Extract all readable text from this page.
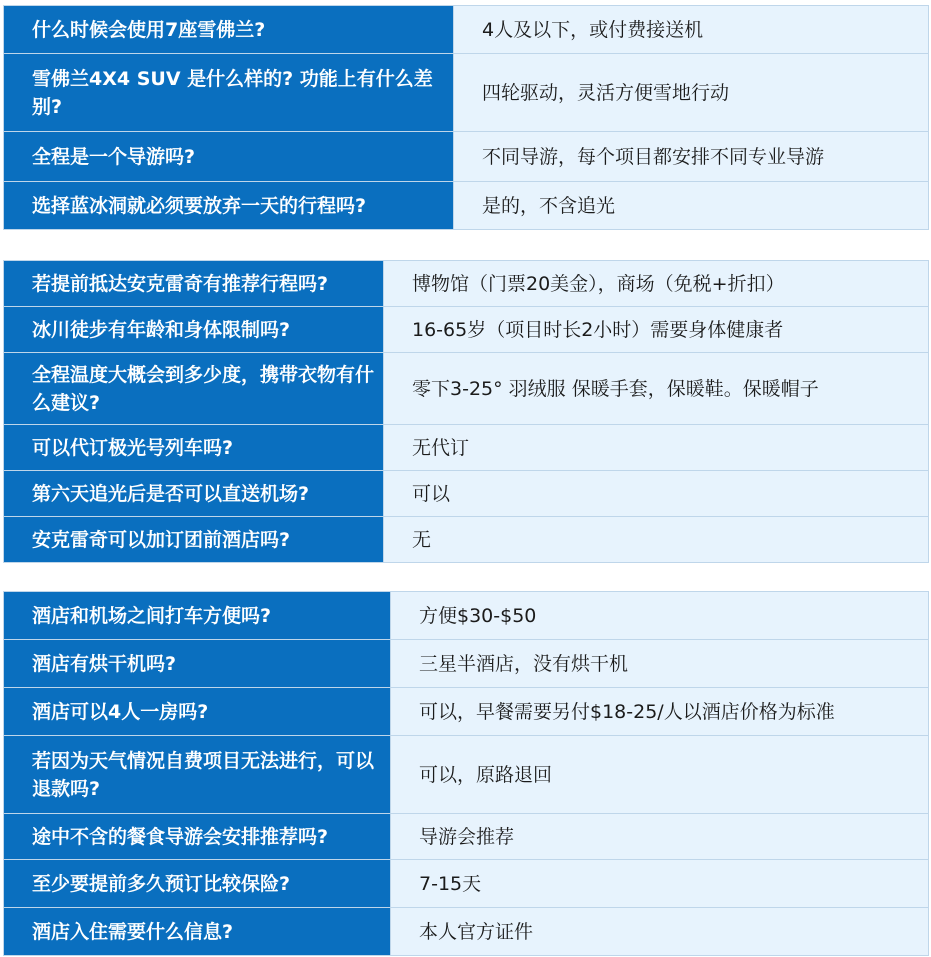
什么时候会使用7座雪佛兰?	4人及以下，或付费接送机
雪佛兰4X4 SUV 是什么样的? 功能上有什么差别?	四轮驱动，灵活方便雪地行动
全程是一个导游吗?	不同导游，每个项目都安排不同专业导游
选择蓝冰洞就必须要放弃一天的行程吗?	是的，不含追光
若提前抵达安克雷奇有推荐行程吗?	博物馆（门票20美金），商场（免税+折扣）
冰川徒步有年龄和身体限制吗?	16-65岁（项目时长2小时）需要身体健康者
全程温度大概会到多少度，携带衣物有什么建议?	零下3-25° 羽绒服 保暖手套，保暖鞋。保暖帽子
可以代订极光号列车吗?	无代订
第六天追光后是否可以直送机场?	可以
安克雷奇可以加订团前酒店吗?	无
酒店和机场之间打车方便吗?	方便$30-$50
酒店有烘干机吗?	三星半酒店，没有烘干机
酒店可以4人一房吗?	可以，早餐需要另付$18-25/人以酒店价格为标准
若因为天气情况自费项目无法进行，可以退款吗?	可以，原路退回
途中不含的餐食导游会安排推荐吗?	导游会推荐
至少要提前多久预订比较保险?	7-15天
酒店入住需要什么信息?	本人官方证件
